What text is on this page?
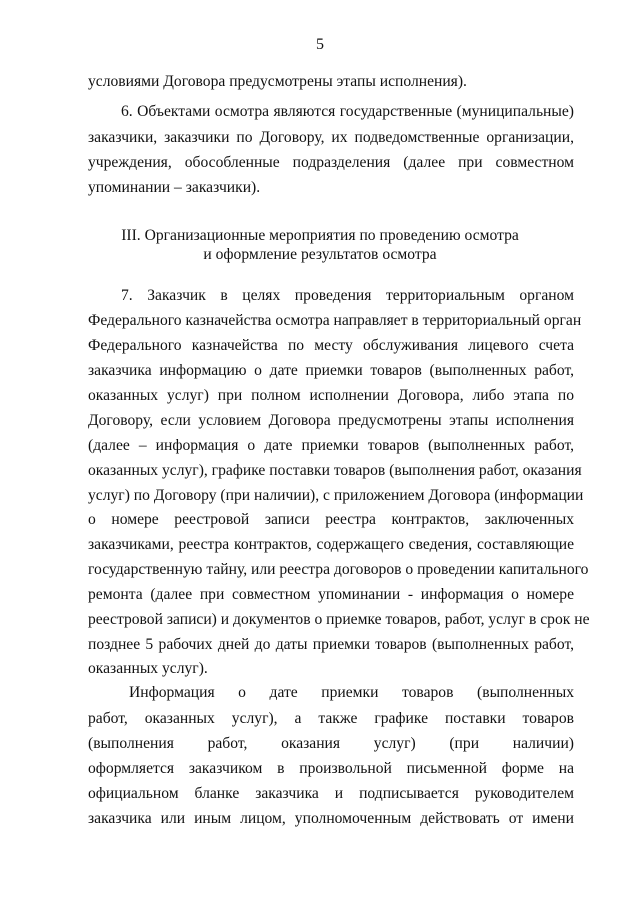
5
условиями Договора предусмотрены этапы исполнения).
6. Объектами осмотра являются государственные (муниципальные)
заказчики, заказчики по Договору, их подведомственные организации,
учреждения, обособленные подразделения (далее при совместном
упоминании – заказчики).
III. Организационные мероприятия по проведению осмотра
и оформление результатов осмотра
7. Заказчик в целях проведения территориальным органом
Федерального казначейства осмотра направляет в территориальный орган
Федерального казначейства по месту обслуживания лицевого счета
заказчика информацию о дате приемки товаров (выполненных работ,
оказанных услуг) при полном исполнении Договора, либо этапа по
Договору, если условием Договора предусмотрены этапы исполнения
(далее – информация о дате приемки товаров (выполненных работ,
оказанных услуг), графике поставки товаров (выполнения работ, оказания
услуг) по Договору (при наличии), с приложением Договора (информации
о номере реестровой записи реестра контрактов, заключенных
заказчиками, реестра контрактов, содержащего сведения, составляющие
государственную тайну, или реестра договоров о проведении капитального
ремонта (далее при совместном упоминании - информация о номере
реестровой записи) и документов о приемке товаров, работ, услуг в срок не
позднее 5 рабочих дней до даты приемки товаров (выполненных работ,
оказанных услуг).
Информация о дате приемки товаров (выполненных
работ, оказанных услуг), а также графике поставки товаров
(выполнения работ, оказания услуг) (при наличии)
оформляется заказчиком в произвольной письменной форме на
официальном бланке заказчика и подписывается руководителем
заказчика или иным лицом, уполномоченным действовать от имени
